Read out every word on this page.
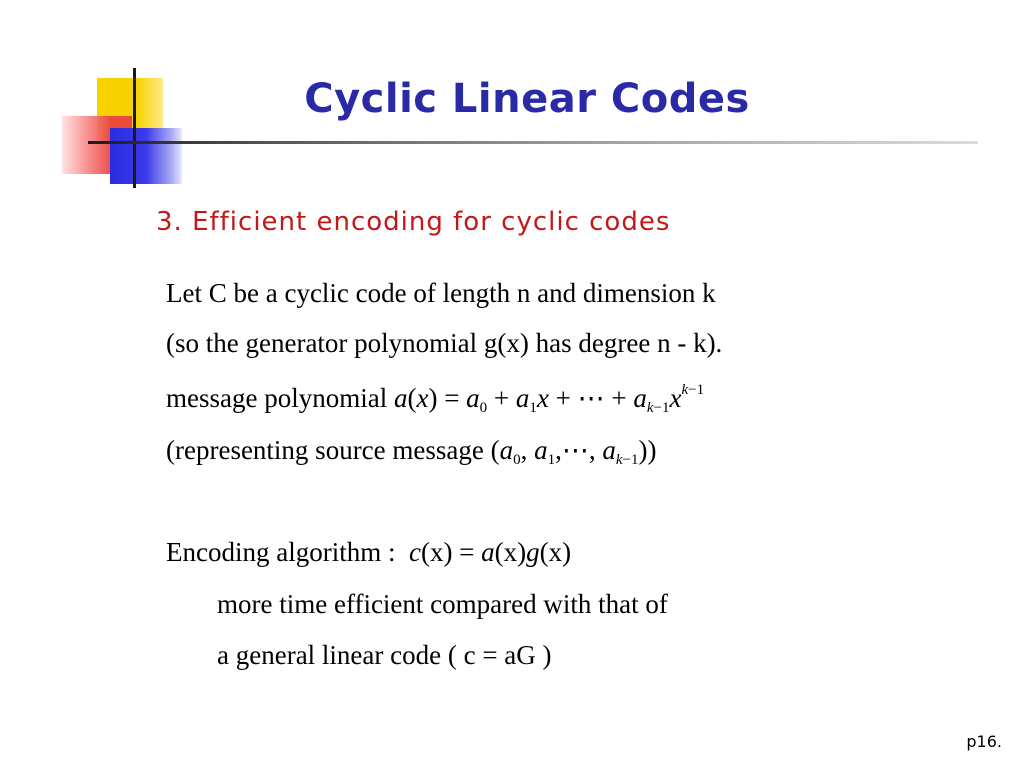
Cyclic Linear Codes
3. Efficient encoding for cyclic codes
Let C be a cyclic code of length n and dimension k
(so the generator polynomial g(x) has degree n - k).
message polynomial $a(x) = a_0 + a_1x$ + ⋯ + $a_{k-1}x^{k-1}$
(representing source message ($a_0$, $a_1,\cdots$, $a_{k-1}$))
Encoding algorithm : c(x) = a(x)g(x)
more time efficient compared with that of
a general linear code ( c = aG )
p16.
